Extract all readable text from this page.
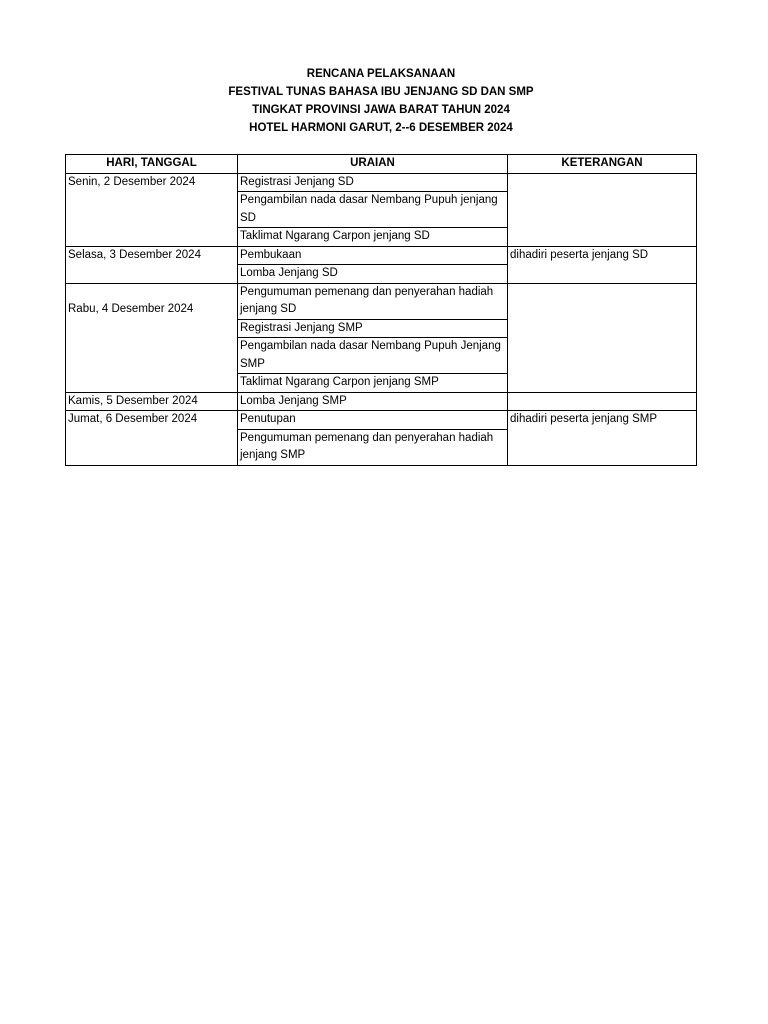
RENCANA PELAKSANAAN
FESTIVAL TUNAS BAHASA IBU JENJANG SD DAN SMP
TINGKAT PROVINSI JAWA BARAT TAHUN 2024
HOTEL HARMONI GARUT, 2--6 DESEMBER 2024
HARI, TANGGAL	URAIAN	KETERANGAN
Senin, 2 Desember 2024	Registrasi Jenjang SD	
	Pengambilan nada dasar Nembang Pupuh jenjang SD	
	Taklimat Ngarang Carpon jenjang SD	
Selasa, 3 Desember 2024	Pembukaan	dihadiri peserta jenjang SD
	Lomba Jenjang SD	
Rabu, 4 Desember 2024	Pengumuman pemenang dan penyerahan hadiah jenjang SD	
	Registrasi Jenjang SMP	
	Pengambilan nada dasar Nembang Pupuh Jenjang SMP	
	Taklimat Ngarang Carpon jenjang SMP	
Kamis, 5 Desember 2024	Lomba Jenjang SMP	
Jumat, 6 Desember 2024	Penutupan	dihadiri peserta jenjang SMP
	Pengumuman pemenang dan penyerahan hadiah jenjang SMP	
